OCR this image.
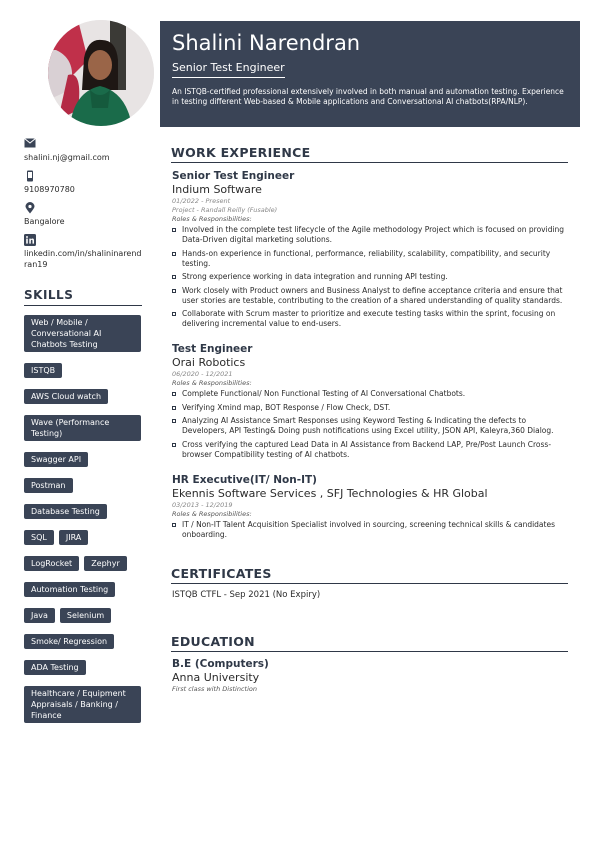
shalini.nj@gmail.com
9108970780
Bangalore
linkedin.com/in/shalininarendran19
SKILLS
Web / Mobile / Conversational AI Chatbots Testing
ISTQB
AWS Cloud watch
Wave (Performance Testing)
Swagger API
Postman
Database Testing
SQL	JIRA
LogRocket	Zephyr
Automation Testing
Java	Selenium
Smoke/ Regression
ADA Testing
Healthcare / Equipment Appraisals / Banking / Finance
Shalini Narendran
Senior Test Engineer
An ISTQB-certified professional extensively involved in both manual and automation testing. Experience in testing different Web-based & Mobile applications and Conversational AI chatbots(RPA/NLP).
WORK EXPERIENCE
Senior Test Engineer
Indium Software
01/2022 - Present
Project - Randall Reilly (Fusable)
Roles & Responsibilities:
Involved in the complete test lifecycle of the Agile methodology Project which is focused on providing Data-Driven digital marketing solutions.
Hands-on experience in functional, performance, reliability, scalability, compatibility, and security testing.
Strong experience working in data integration and running API testing.
Work closely with Product owners and Business Analyst to define acceptance criteria and ensure that user stories are testable, contributing to the creation of a shared understanding of quality standards.
Collaborate with Scrum master to prioritize and execute testing tasks within the sprint, focusing on delivering incremental value to end-users.
Test Engineer
Orai Robotics
06/2020 - 12/2021
Roles & Responsibilities:
Complete Functional/ Non Functional Testing of AI Conversational Chatbots.
Verifying Xmind map, BOT Response / Flow Check, DST.
Analyzing AI Assistance Smart Responses using Keyword Testing & Indicating the defects to Developers, API Testing& Doing push notifications using Excel utility, JSON API, Kaleyra,360 Dialog.
Cross verifying the captured Lead Data in AI Assistance from Backend LAP, Pre/Post Launch Cross-browser Compatibility testing of AI chatbots.
HR Executive(IT/ Non-IT)
Ekennis Software Services , SFJ Technologies & HR Global
03/2013 - 12/2019
Roles & Responsibilities:
IT / Non-IT Talent Acquisition Specialist involved in sourcing, screening technical skills & candidates onboarding.
CERTIFICATES
ISTQB CTFL - Sep 2021 (No Expiry)
EDUCATION
B.E (Computers)
Anna University
First class with Distinction
